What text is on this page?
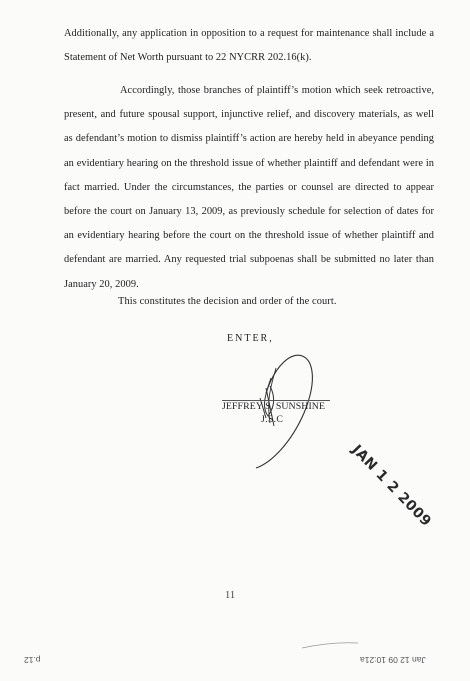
Additionally, any application in opposition to a request for maintenance shall include a Statement of Net Worth pursuant to 22 NYCRR 202.16(k).
Accordingly, those branches of plaintiff’s motion which seek retroactive, present, and future spousal support, injunctive relief, and discovery materials, as well as defendant’s motion to dismiss plaintiff’s action are hereby held in abeyance pending an evidentiary hearing on the threshold issue of whether plaintiff and defendant were in fact married. Under the circumstances, the parties or counsel are directed to appear before the court on January 13, 2009, as previously schedule for selection of dates for an evidentiary hearing before the court on the threshold issue of whether plaintiff and defendant are married. Any requested trial subpoenas shall be submitted no later than January 20, 2009.
This constitutes the decision and order of the court.
ENTER,
JEFFREY S. SUNSHINE
J.S.C
JAN 1 2 2009
11
p.12	Jan 12 09 10:21a
